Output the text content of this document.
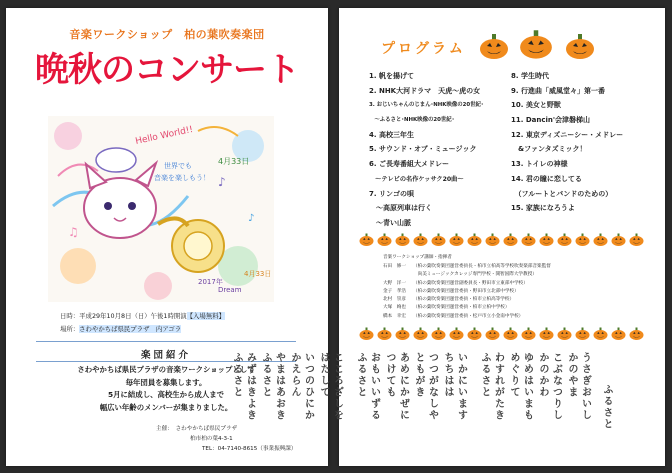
音楽ワークショップ　柏の葉吹奏楽団
晩秋のコンサート
♪
♫
♪
Hello World!!
世界でも
音楽を楽しもう！
4月33日
2017年
Dream
4月33日
日時：平成29年10月8日（日）午後1時開演【入場無料】
場所：さわやかちば県民プラザ　内アゴラ
楽団紹介
さわやかちば県民プラザの音楽ワークショップとして
毎年団員を募集します。
5月に結成し、高校生から成人まで
幅広い年齢のメンバーが集まりました。
主催：　さわやかちば県民プラザ
柏市柏の葉4-3-1
TEL：04-7140-8615（事業振興課）
プログラム
1. 帆を揚げて
2. NHK大河ドラマ　天虎～虎の女
3. おじいちゃんのじまん･NHK映像の20世紀･
　～ふるさと･NHK映像の20世紀･
4. 高校三年生
5. サウンド・オブ・ミュージック
6. ご長寿番組大メドレー
　～テレビの名作ケッサク20曲～
7. リンゴの唄
　～高原列車は行く
　～青い山脈
8. 学生時代
9. 行進曲「威風堂々」第一番
10. 美女と野獣
11. Dancin'会津磐梯山
12. 東京ディズニーシー・メドレー
　&ファンタズミック！
13. トイレの神様
14. 君の瞳に恋してる
　（フルートとバンドのための）
15. 家族になろうよ
音楽ワークショップ講師・指揮者
石田　修一 （柏の葉吹奏楽団運営委員長・柏市立柏高等学校吹奏楽部音楽監督
　尚美ミュージックカレッジ専門学校・開智国際大学教授）
大野　洋一 （柏の葉吹奏楽団運営副委員長・野田市立東部中学校）
金子　孝浩 （柏の葉吹奏楽団運営委員・野田市立北部中学校）
北村　崇彦 （柏の葉吹奏楽団運営委員・柏市立柏高等学校）
大塚　絢也 （柏の葉吹奏楽団運営委員・柏市立柏中学校）
橋本　幸宏 （柏の葉吹奏楽団運営委員・松戸市立小金南中学校）
ふるさと
うさぎおいし　かのやま
こぶなつりし　かのかわ
ゆめはいまも　めぐりて
わすれがたき　ふるさと
いかにいます　ちちはは
つつがなしや　ともがき
あめにかぜに　つけても
おもいいずる　ふるさと
こころざしを　はたして
いつのひにか　かえらん
やまはあおき　ふるさと
みずはきよき　ふるさと
